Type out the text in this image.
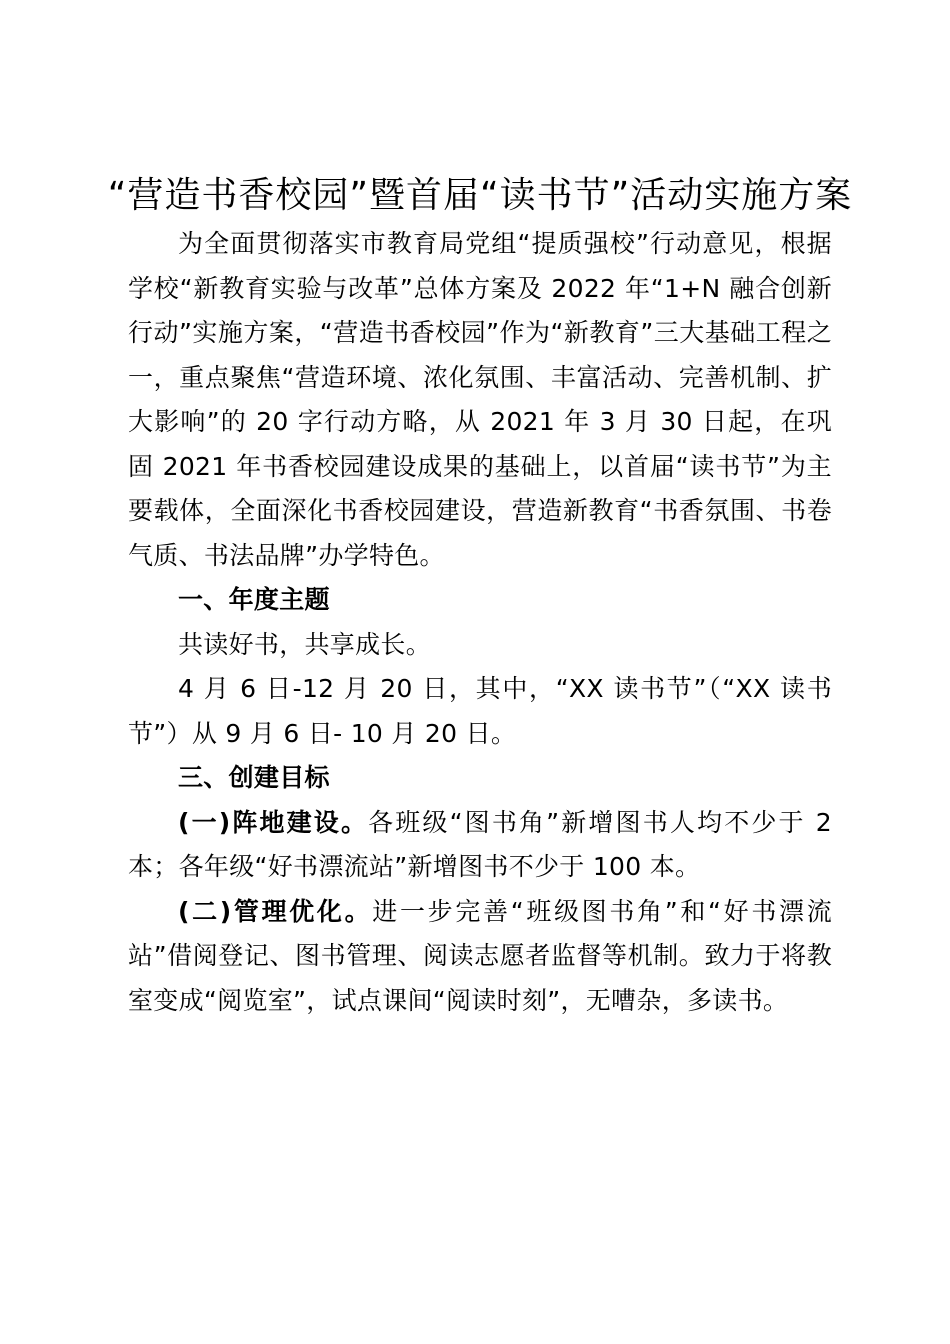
“营造书香校园”暨首届“读书节”活动实施方案

为全面贯彻落实市教育局党组“提质强校”行动意见，根据学校“新教育实验与改革”总体方案及 2022 年“1+N 融合创新行动”实施方案，“营造书香校园”作为“新教育”三大基础工程之一，重点聚焦“营造环境、浓化氛围、丰富活动、完善机制、扩大影响”的 20 字行动方略，从 2021 年 3 月 30 日起，在巩固 2021 年书香校园建设成果的基础上，以首届“读书节”为主要载体，全面深化书香校园建设，营造新教育“书香氛围、书卷气质、书法品牌”办学特色。

一、年度主题

共读好书，共享成长。

4 月 6 日-12 月 20 日，其中，“XX 读书节”（“XX 读书节”）从 9 月 6 日- 10 月 20 日。

三、创建目标

(一)阵地建设。各班级“图书角”新增图书人均不少于 2 本；各年级“好书漂流站”新增图书不少于 100 本。

(二)管理优化。进一步完善“班级图书角”和“好书漂流站”借阅登记、图书管理、阅读志愿者监督等机制。致力于将教室变成“阅览室”，试点课间“阅读时刻”，无嘈杂，多读书。
